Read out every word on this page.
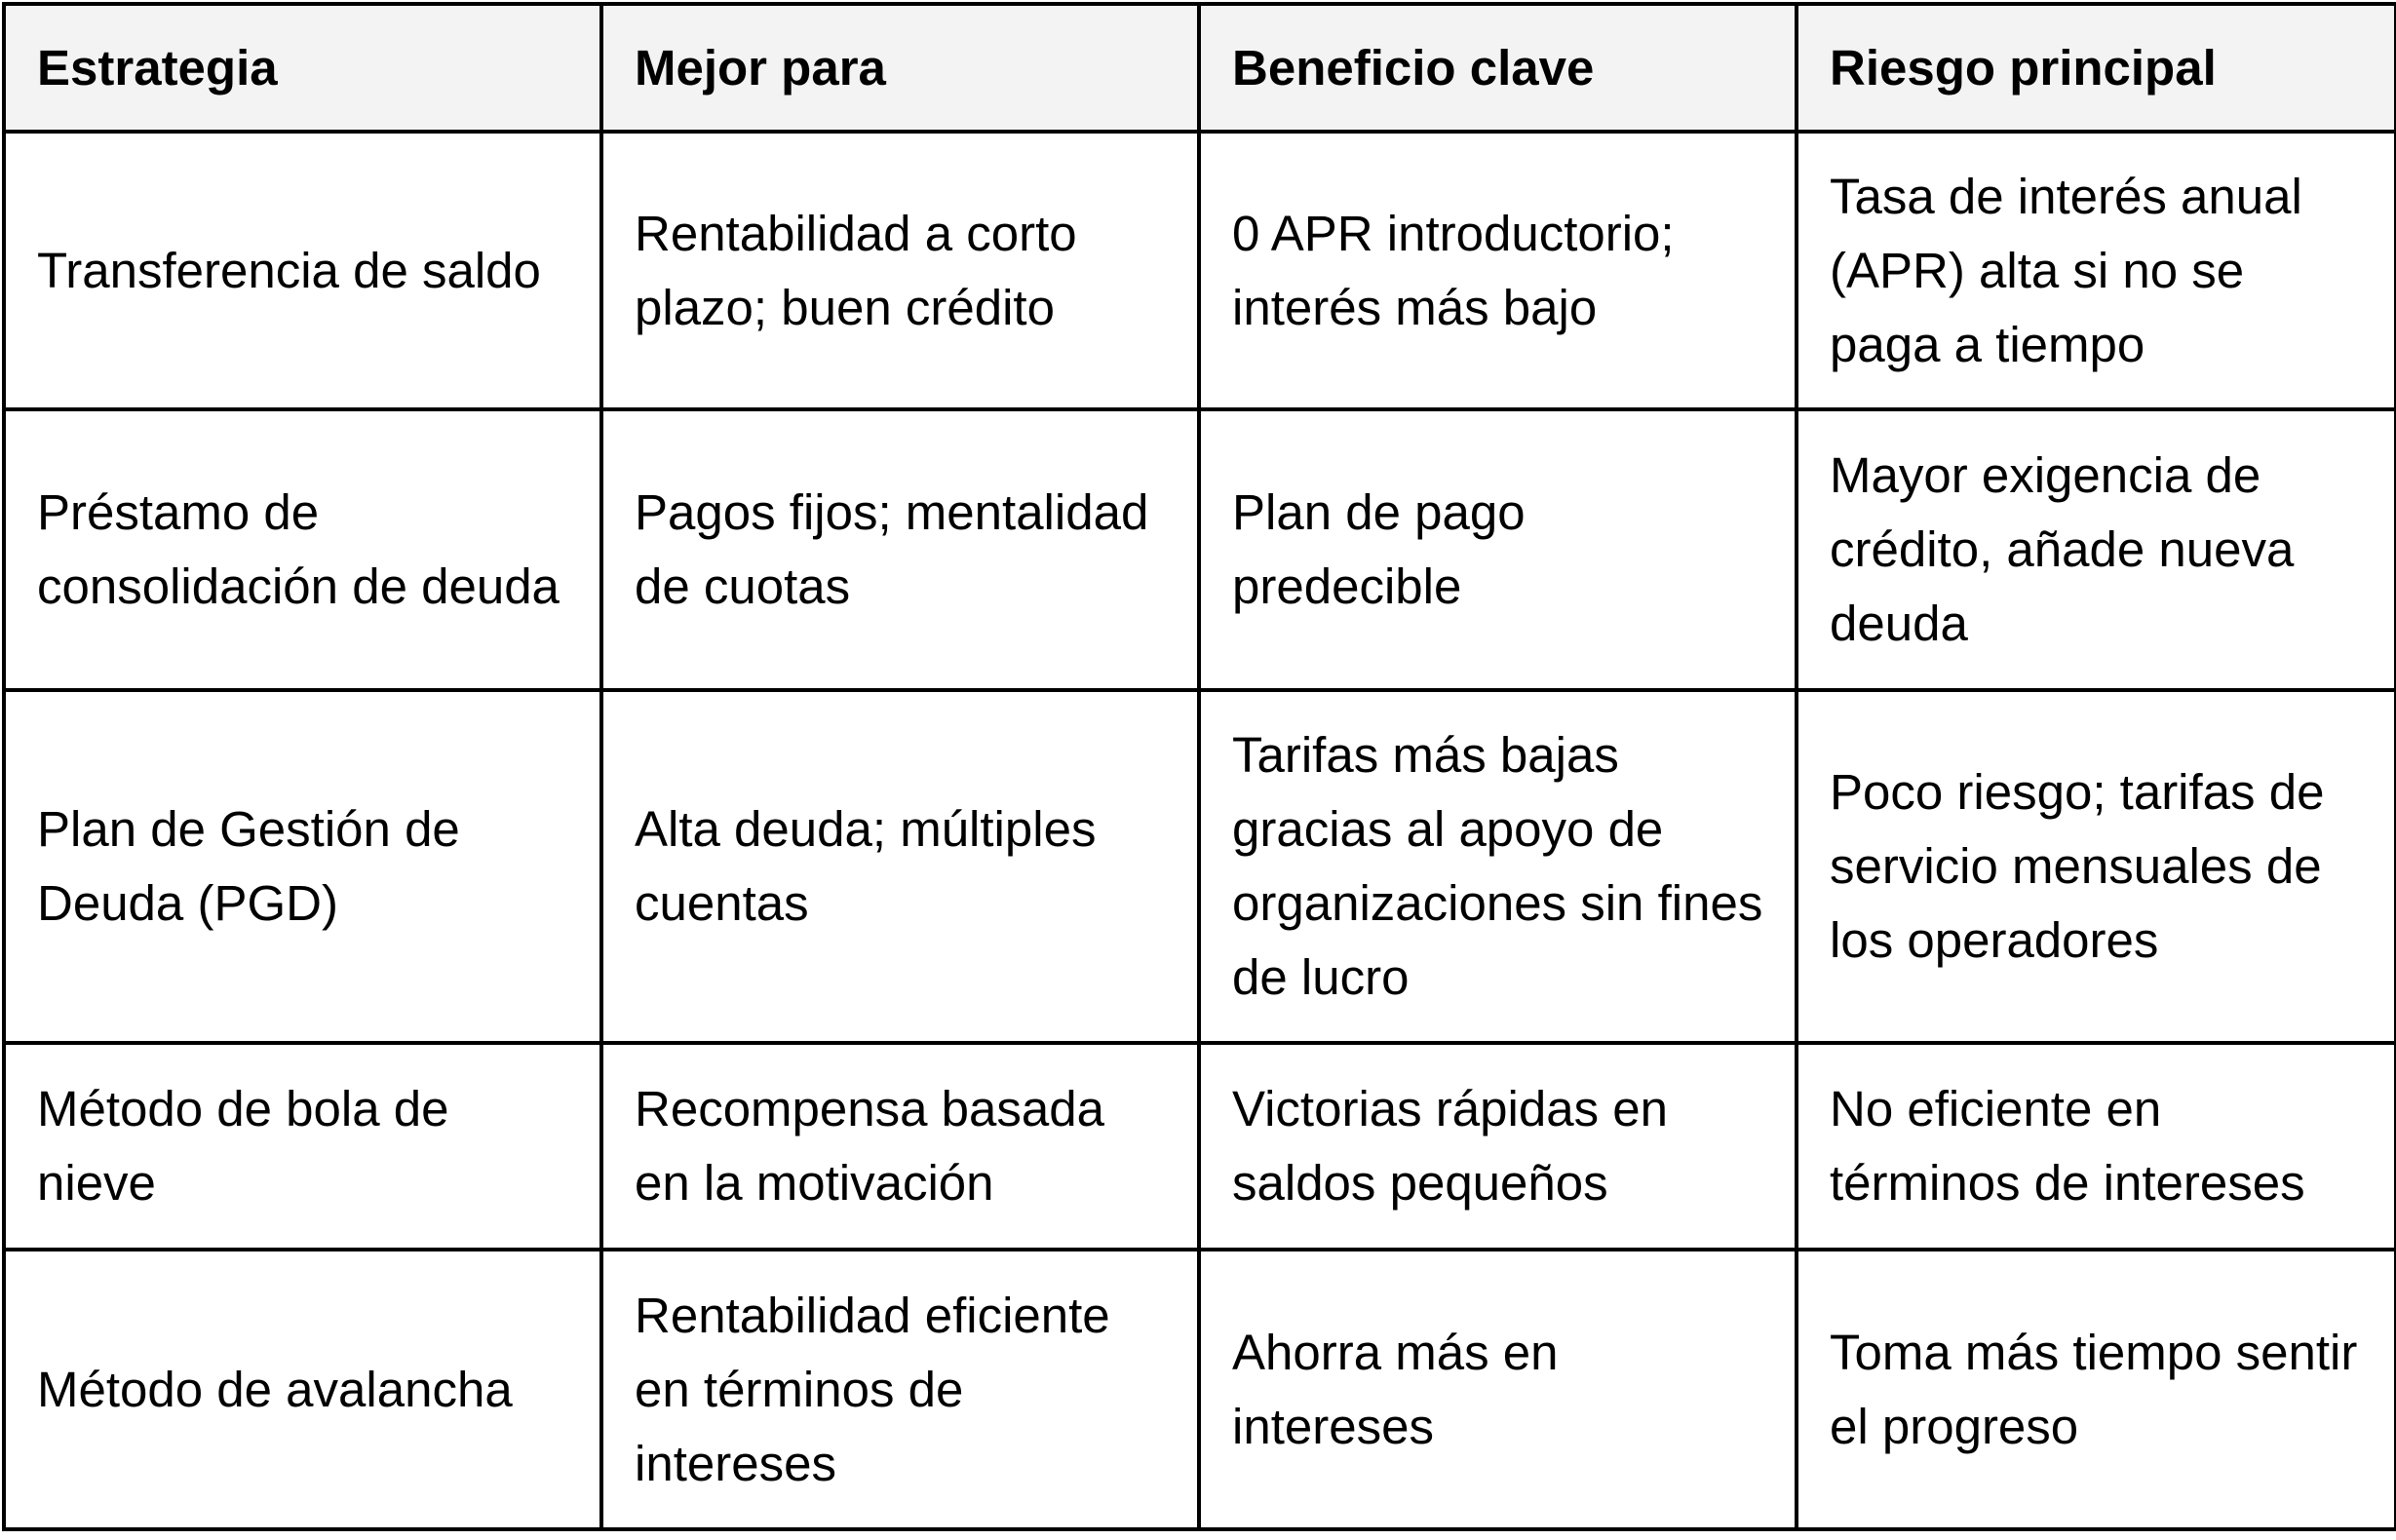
Estrategia	Mejor para	Beneficio clave	Riesgo principal
Transferencia de saldo	Rentabilidad a corto plazo; buen crédito	0 APR introductorio; interés más bajo	Tasa de interés anual (APR) alta si no se paga a tiempo
Préstamo de consolidación de deuda	Pagos fijos; mentalidad de cuotas	Plan de pago predecible	Mayor exigencia de crédito, añade nueva deuda
Plan de Gestión de Deuda (PGD)	Alta deuda; múltiples cuentas	Tarifas más bajas gracias al apoyo de organizaciones sin fines de lucro	Poco riesgo; tarifas de servicio mensuales de los operadores
Método de bola de nieve	Recompensa basada en la motivación	Victorias rápidas en saldos pequeños	No eficiente en términos de intereses
Método de avalancha	Rentabilidad eficiente en términos de intereses	Ahorra más en intereses	Toma más tiempo sentir el progreso
